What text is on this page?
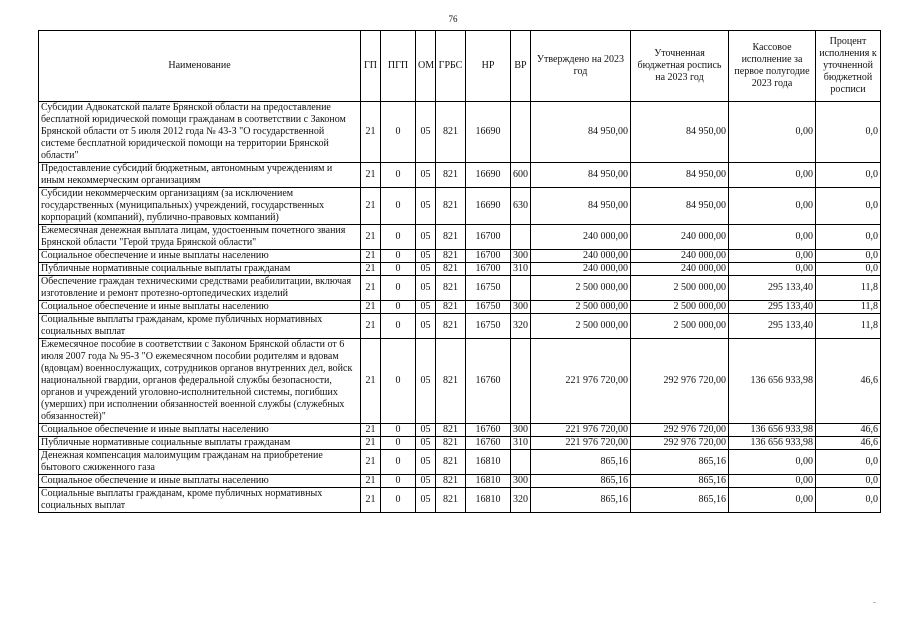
76
Наименование	ГП	ПГП	ОМ	ГРБС	НР	ВР	Утверждено на 2023 год	Уточненная бюджетная роспись на 2023 год	Кассовое исполнение за первое полугодие 2023 года	Процент исполнения к уточненной бюджетной росписи
Субсидии Адвокатской палате Брянской области на предоставление бесплатной юридической помощи гражданам в соответствии с Законом Брянской области от 5 июля 2012 года № 43-З "О государственной системе бесплатной юридической помощи на территории Брянской области"	21	0	05	821	16690		84 950,00	84 950,00	0,00	0,0
Предоставление субсидий бюджетным, автономным учреждениям и иным некоммерческим организациям	21	0	05	821	16690	600	84 950,00	84 950,00	0,00	0,0
Субсидии некоммерческим организациям (за исключением государственных (муниципальных) учреждений, государственных корпораций (компаний), публично-правовых компаний)	21	0	05	821	16690	630	84 950,00	84 950,00	0,00	0,0
Ежемесячная денежная выплата лицам, удостоенным почетного звания Брянской области "Герой труда Брянской области"	21	0	05	821	16700		240 000,00	240 000,00	0,00	0,0
Социальное обеспечение и иные выплаты населению	21	0	05	821	16700	300	240 000,00	240 000,00	0,00	0,0
Публичные нормативные социальные выплаты гражданам	21	0	05	821	16700	310	240 000,00	240 000,00	0,00	0,0
Обеспечение граждан техническими средствами реабилитации, включая изготовление и ремонт протезно-ортопедических изделий	21	0	05	821	16750		2 500 000,00	2 500 000,00	295 133,40	11,8
Социальное обеспечение и иные выплаты населению	21	0	05	821	16750	300	2 500 000,00	2 500 000,00	295 133,40	11,8
Социальные выплаты гражданам, кроме публичных нормативных социальных выплат	21	0	05	821	16750	320	2 500 000,00	2 500 000,00	295 133,40	11,8
Ежемесячное пособие в соответствии с Законом Брянской области от 6 июля 2007 года № 95-З "О ежемесячном пособии родителям и вдовам (вдовцам) военнослужащих, сотрудников органов внутренних дел, войск национальной гвардии, органов федеральной службы безопасности, органов и учреждений уголовно-исполнительной системы, погибших (умерших) при исполнении обязанностей военной службы (служебных обязанностей)"	21	0	05	821	16760		221 976 720,00	292 976 720,00	136 656 933,98	46,6
Социальное обеспечение и иные выплаты населению	21	0	05	821	16760	300	221 976 720,00	292 976 720,00	136 656 933,98	46,6
Публичные нормативные социальные выплаты гражданам	21	0	05	821	16760	310	221 976 720,00	292 976 720,00	136 656 933,98	46,6
Денежная компенсация малоимущим гражданам на приобретение бытового сжиженного газа	21	0	05	821	16810		865,16	865,16	0,00	0,0
Социальное обеспечение и иные выплаты населению	21	0	05	821	16810	300	865,16	865,16	0,00	0,0
Социальные выплаты гражданам, кроме публичных нормативных социальных выплат	21	0	05	821	16810	320	865,16	865,16	0,00	0,0
